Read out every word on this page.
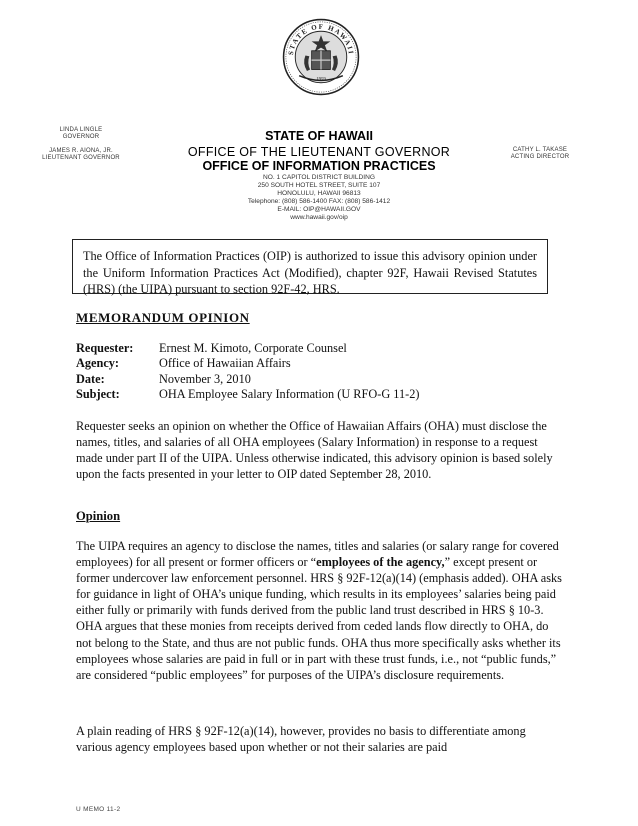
STATE OF HAWAII
1959
LINDA LINGLE
GOVERNOR
JAMES R. AIONA, JR.
LIEUTENANT GOVERNOR
CATHY L. TAKASE
ACTING DIRECTOR
STATE OF HAWAII
OFFICE OF THE LIEUTENANT GOVERNOR
OFFICE OF INFORMATION PRACTICES
NO. 1 CAPITOL DISTRICT BUILDING
250 SOUTH HOTEL STREET, SUITE 107
HONOLULU, HAWAII 96813
Telephone: (808) 586-1400 FAX: (808) 586-1412
E-MAIL: OIP@HAWAII.GOV
www.hawaii.gov/oip
The Office of Information Practices (OIP) is authorized to issue this advisory opinion under the Uniform Information Practices Act (Modified), chapter 92F, Hawaii Revised Statutes (HRS) (the UIPA) pursuant to section 92F-42, HRS.
MEMORANDUM OPINION
Requester:	Ernest M. Kimoto, Corporate Counsel
Agency:	Office of Hawaiian Affairs
Date:	November 3, 2010
Subject:	OHA Employee Salary Information (U RFO-G 11-2)
Requester seeks an opinion on whether the Office of Hawaiian Affairs (OHA) must disclose the names, titles, and salaries of all OHA employees (Salary Information) in response to a request made under part II of the UIPA. Unless otherwise indicated, this advisory opinion is based solely upon the facts presented in your letter to OIP dated September 28, 2010.
Opinion
The UIPA requires an agency to disclose the names, titles and salaries (or salary range for covered employees) for all present or former officers or “employees of the agency,” except present or former undercover law enforcement personnel. HRS § 92F-12(a)(14) (emphasis added). OHA asks for guidance in light of OHA’s unique funding, which results in its employees’ salaries being paid either fully or primarily with funds derived from the public land trust described in HRS § 10-3. OHA argues that these monies from receipts derived from ceded lands flow directly to OHA, do not belong to the State, and thus are not public funds. OHA thus more specifically asks whether its employees whose salaries are paid in full or in part with these trust funds, i.e., not “public funds,” are considered “public employees” for purposes of the UIPA’s disclosure requirements.
A plain reading of HRS § 92F-12(a)(14), however, provides no basis to differentiate among various agency employees based upon whether or not their salaries are paid
U MEMO 11-2
